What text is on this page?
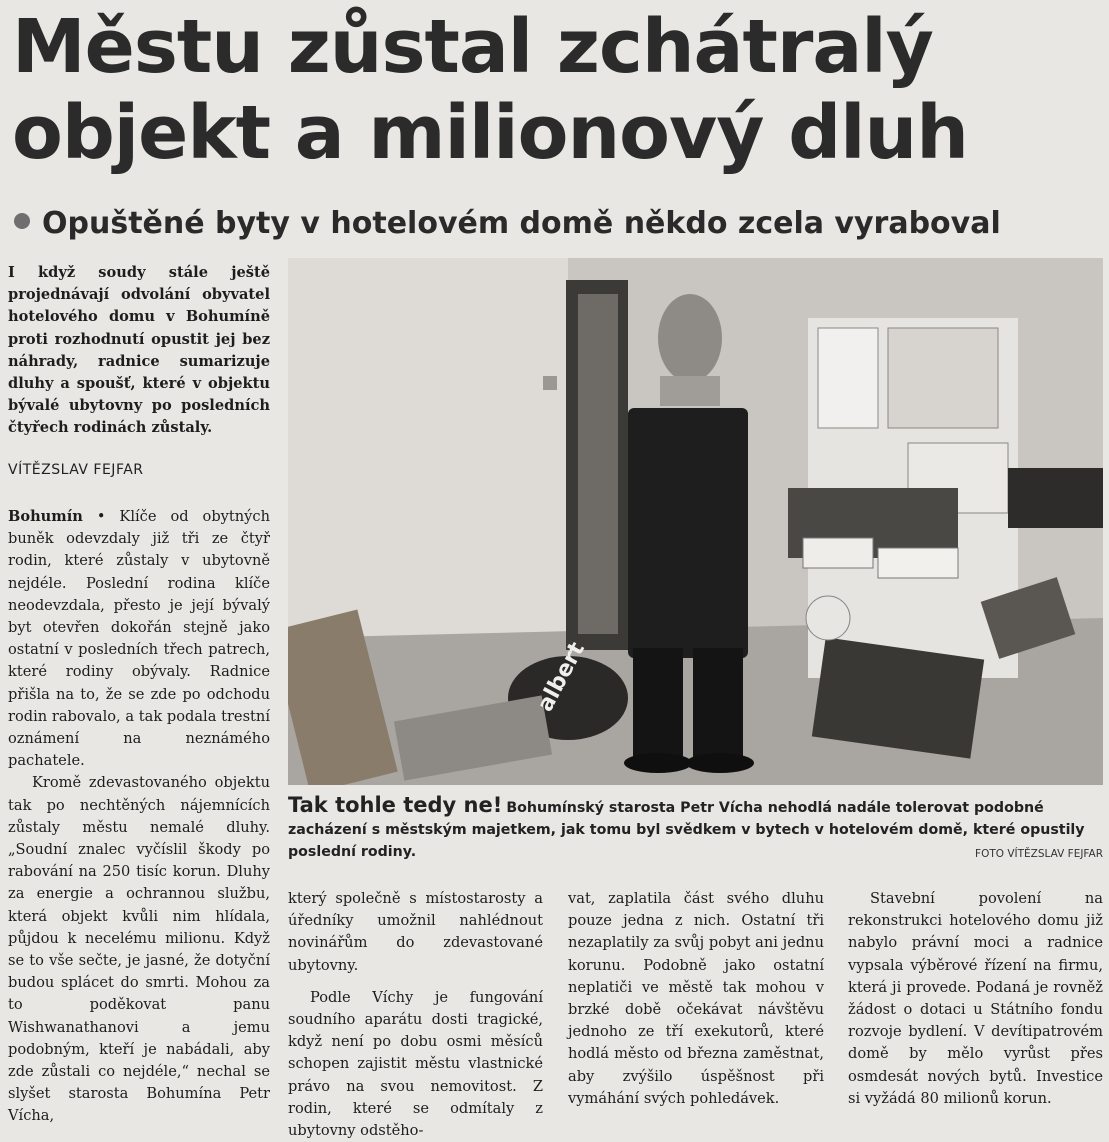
Městu zůstal zchátralý objekt a milionový dluh
Opuštěné byty v hotelovém domě někdo zcela vyraboval

I když soudy stále ještě projednávají odvolání obyvatel hotelového domu v Bohumíně proti rozhodnutí opustit jej bez náhrady, radnice sumarizuje dluhy a spoušť, které v objektu bývalé ubytovny po posledních čtyřech rodinách zůstaly.

VÍTĚZSLAV FEJFAR

Bohumín • Klíče od obytných buněk odevzdaly již tři ze čtyř rodin, které zůstaly v ubytovně nejdéle. Poslední rodina klíče neodevzdala, přesto je její bývalý byt otevřen dokořán stejně jako ostatní v posledních třech patrech, které rodiny obývaly. Radnice přišla na to, že se zde po odchodu rodin rabovalo, a tak podala trestní oznámení na neznámého pachatele.

Kromě zdevastovaného objektu tak po nechtěných nájemnících zůstaly městu nemalé dluhy. „Soudní znalec vyčíslil škody po rabování na 250 tisíc korun. Dluhy za energie a ochrannou službu, která objekt kvůli nim hlídala, půjdou k necelému milionu. Když se to vše sečte, je jasné, že dotyční budou splácet do smrti. Mohou za to poděkovat panu Wishwanathanovi a jemu podobným, kteří je nabádali, aby zde zůstali co nejdéle,“ nechal se slyšet starosta Bohumína Petr Vícha,

albert

Tak tohle tedy ne! Bohumínský starosta Petr Vícha nehodlá nadále tolerovat podobné zacházení s městským majetkem, jak tomu byl svědkem v bytech v hotelovém domě, které opustily poslední rodiny.	FOTO VÍTĚZSLAV FEJFAR

který společně s místostarosty a úředníky umožnil nahlédnout novinářům do zdevastované ubytovny.

Podle Víchy je fungování soudního aparátu dosti tragické, když není po dobu osmi měsíců schopen zajistit městu vlastnické právo na svou nemovitost. Z rodin, které se odmítaly z ubytovny odstěho-

vat, zaplatila část svého dluhu pouze jedna z nich. Ostatní tři nezaplatily za svůj pobyt ani jednu korunu. Podobně jako ostatní neplatiči ve městě tak mohou v brzké době očekávat návštěvu jednoho ze tří exekutorů, které hodlá město od března zaměstnat, aby zvýšilo úspěšnost při vymáhání svých pohledávek.

Stavební povolení na rekonstrukci hotelového domu již nabylo právní moci a radnice vypsala výběrové řízení na firmu, která ji provede. Podaná je rovněž žádost o dotaci u Státního fondu rozvoje bydlení. V devítipatrovém domě by mělo vyrůst přes osmdesát nových bytů. Investice si vyžádá 80 milionů korun.
